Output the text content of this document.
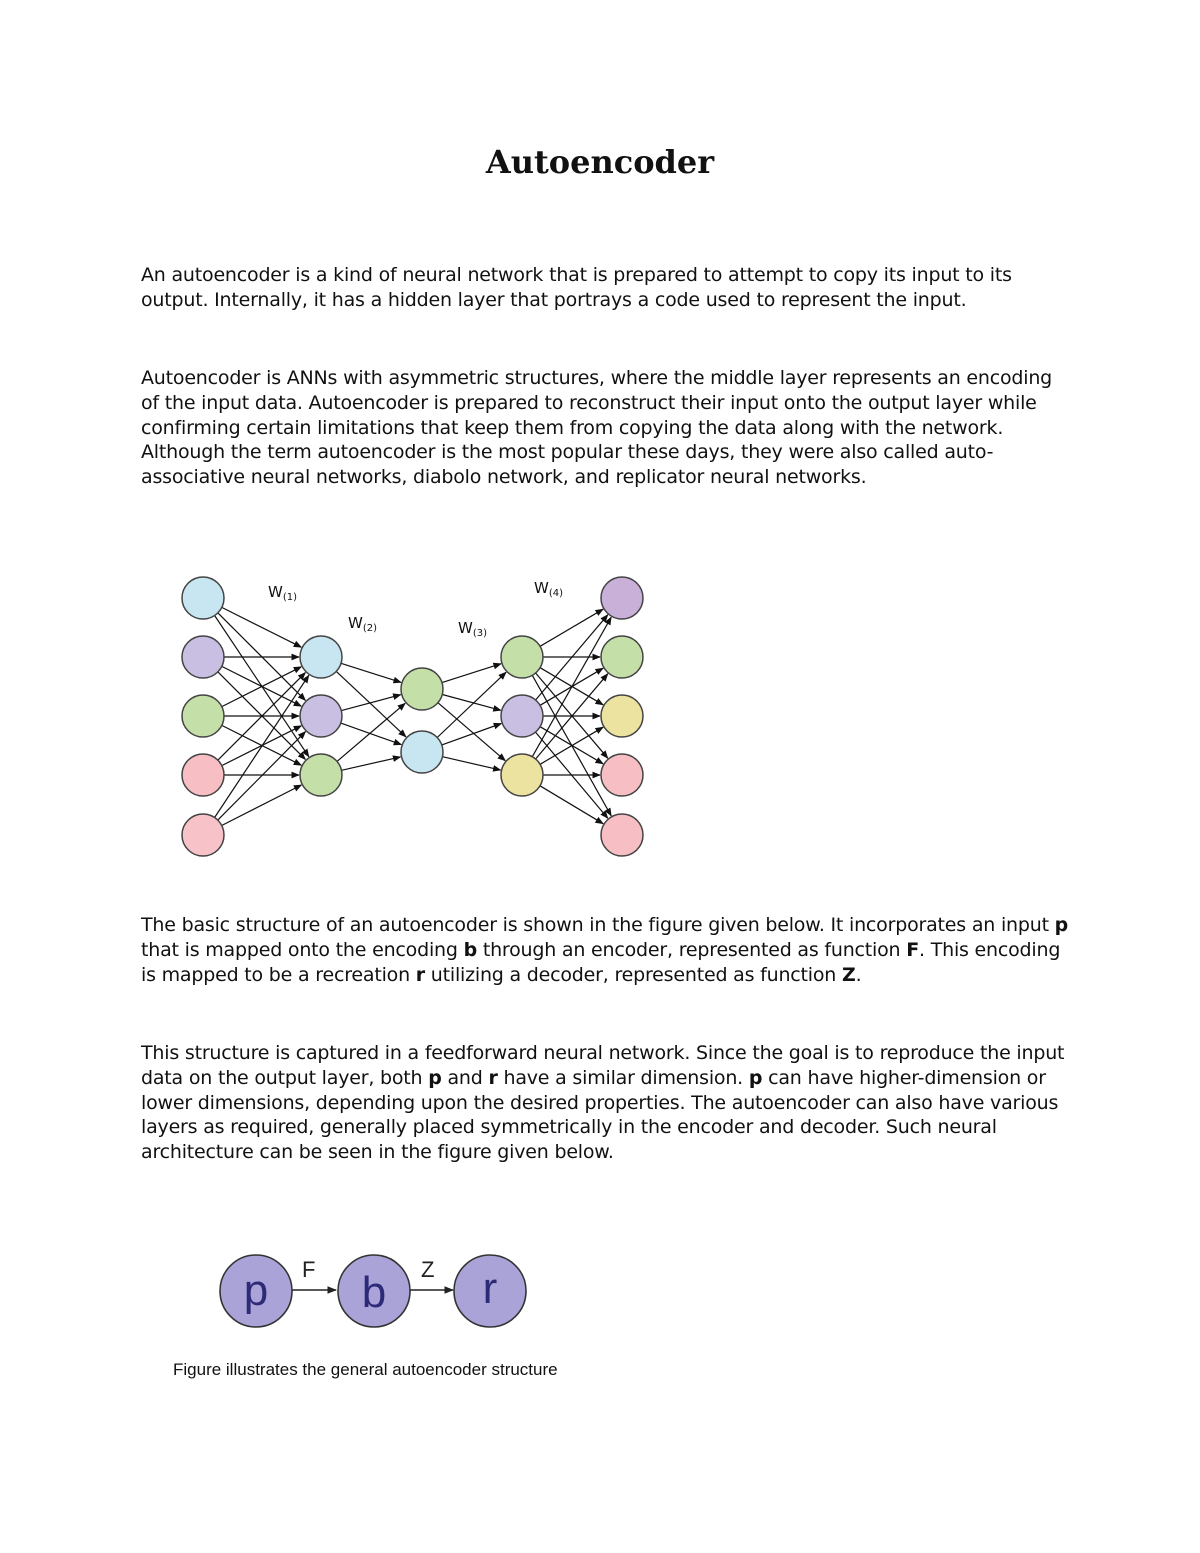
Autoencoder

An autoencoder is a kind of neural network that is prepared to attempt to copy its input to its output. Internally, it has a hidden layer that portrays a code used to represent the input.

Autoencoder is ANNs with asymmetric structures, where the middle layer represents an encoding of the input data. Autoencoder is prepared to reconstruct their input onto the output layer while confirming certain limitations that keep them from copying the data along with the network. Although the term autoencoder is the most popular these days, they were also called auto-associative neural networks, diabolo network, and replicator neural networks.

$W_{(1)}$
$W_{(2)}$	$W_{(3)}$
$W_{(4)}$

The basic structure of an autoencoder is shown in the figure given below. It incorporates an input p that is mapped onto the encoding b through an encoder, represented as function F. This encoding is mapped to be a recreation r utilizing a decoder, represented as function Z.

This structure is captured in a feedforward neural network. Since the goal is to reproduce the input data on the output layer, both p and r have a similar dimension. p can have higher-dimension or lower dimensions, depending upon the desired properties. The autoencoder can also have various layers as required, generally placed symmetrically in the encoder and decoder. Such neural architecture can be seen in the figure given below.

F	Z
p b r

Figure illustrates the general autoencoder structure
